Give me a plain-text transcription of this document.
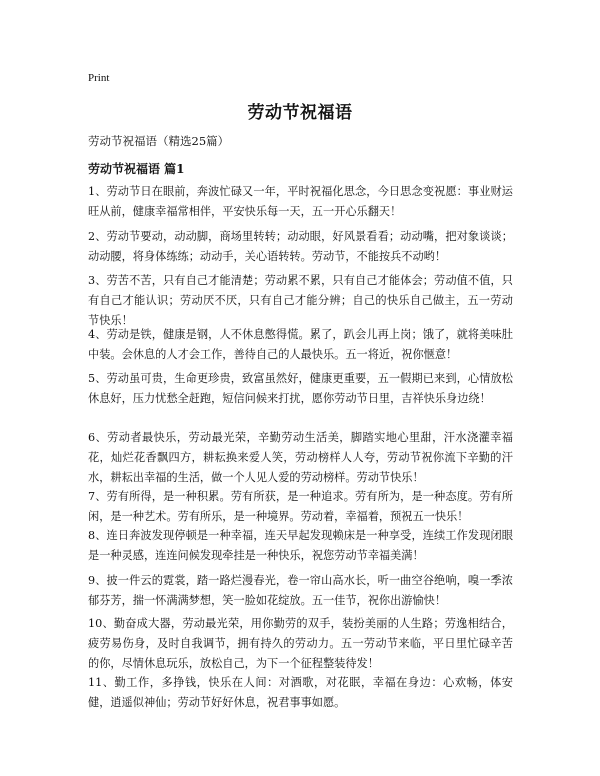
Print
劳动节祝福语
劳动节祝福语（精选25篇）
劳动节祝福语 篇1

1、劳动节日在眼前，奔波忙碌又一年，平时祝福化思念，今日思念变祝愿：事业财运旺从前，健康幸福常相伴，平安快乐每一天，五一开心乐翻天！

2、劳动节要动，动动脚，商场里转转；动动眼，好风景看看；动动嘴，把对象谈谈；动动腰，将身体练练；动动手，关心语转转。劳动节，不能按兵不动哟！

3、劳苦不苦，只有自己才能清楚；劳动累不累，只有自己才能体会；劳动值不值，只有自己才能认识；劳动厌不厌，只有自己才能分辨；自己的快乐自己做主，五一劳动节快乐！

4、劳动是铁，健康是钢，人不休息憋得慌。累了，趴会儿再上岗；饿了，就将美味肚中装。会休息的人才会工作，善待自己的人最快乐。五一将近，祝你惬意！

5、劳动虽可贵，生命更珍贵，致富虽然好，健康更重要，五一假期已来到，心情放松休息好，压力忧愁全赶跑，短信问候来打扰，愿你劳动节日里，吉祥快乐身边绕！

6、劳动者最快乐，劳动最光荣，辛勤劳动生活美，脚踏实地心里甜，汗水浇灌幸福花，灿烂花香飘四方，耕耘换来爱人笑，劳动榜样人人夸，劳动节祝你流下辛勤的汗水，耕耘出幸福的生活，做一个人见人爱的劳动榜样。劳动节快乐！

7、劳有所得，是一种积累。劳有所获，是一种追求。劳有所为，是一种态度。劳有所闲，是一种艺术。劳有所乐，是一种境界。劳动着，幸福着，预祝五一快乐！

8、连日奔波发现停顿是一种幸福，连天早起发现赖床是一种享受，连续工作发现闭眼是一种灵感，连连问候发现牵挂是一种快乐，祝您劳动节幸福美满！

9、披一件云的霓裳，踏一路烂漫春光，卷一帘山高水长，听一曲空谷绝响，嗅一季浓郁芬芳，揣一怀满满梦想，笑一脸如花绽放。五一佳节，祝你出游愉快！

10、勤奋成大器，劳动最光荣，用你勤劳的双手，装扮美丽的人生路；劳逸相结合，疲劳易伤身，及时自我调节，拥有持久的劳动力。五一劳动节来临，平日里忙碌辛苦的你，尽情休息玩乐，放松自己，为下一个征程整装待发！

11、勤工作，多挣钱，快乐在人间：对酒歌，对花眠，幸福在身边：心欢畅，体安健，逍遥似神仙；劳动节好好休息，祝君事事如愿。
